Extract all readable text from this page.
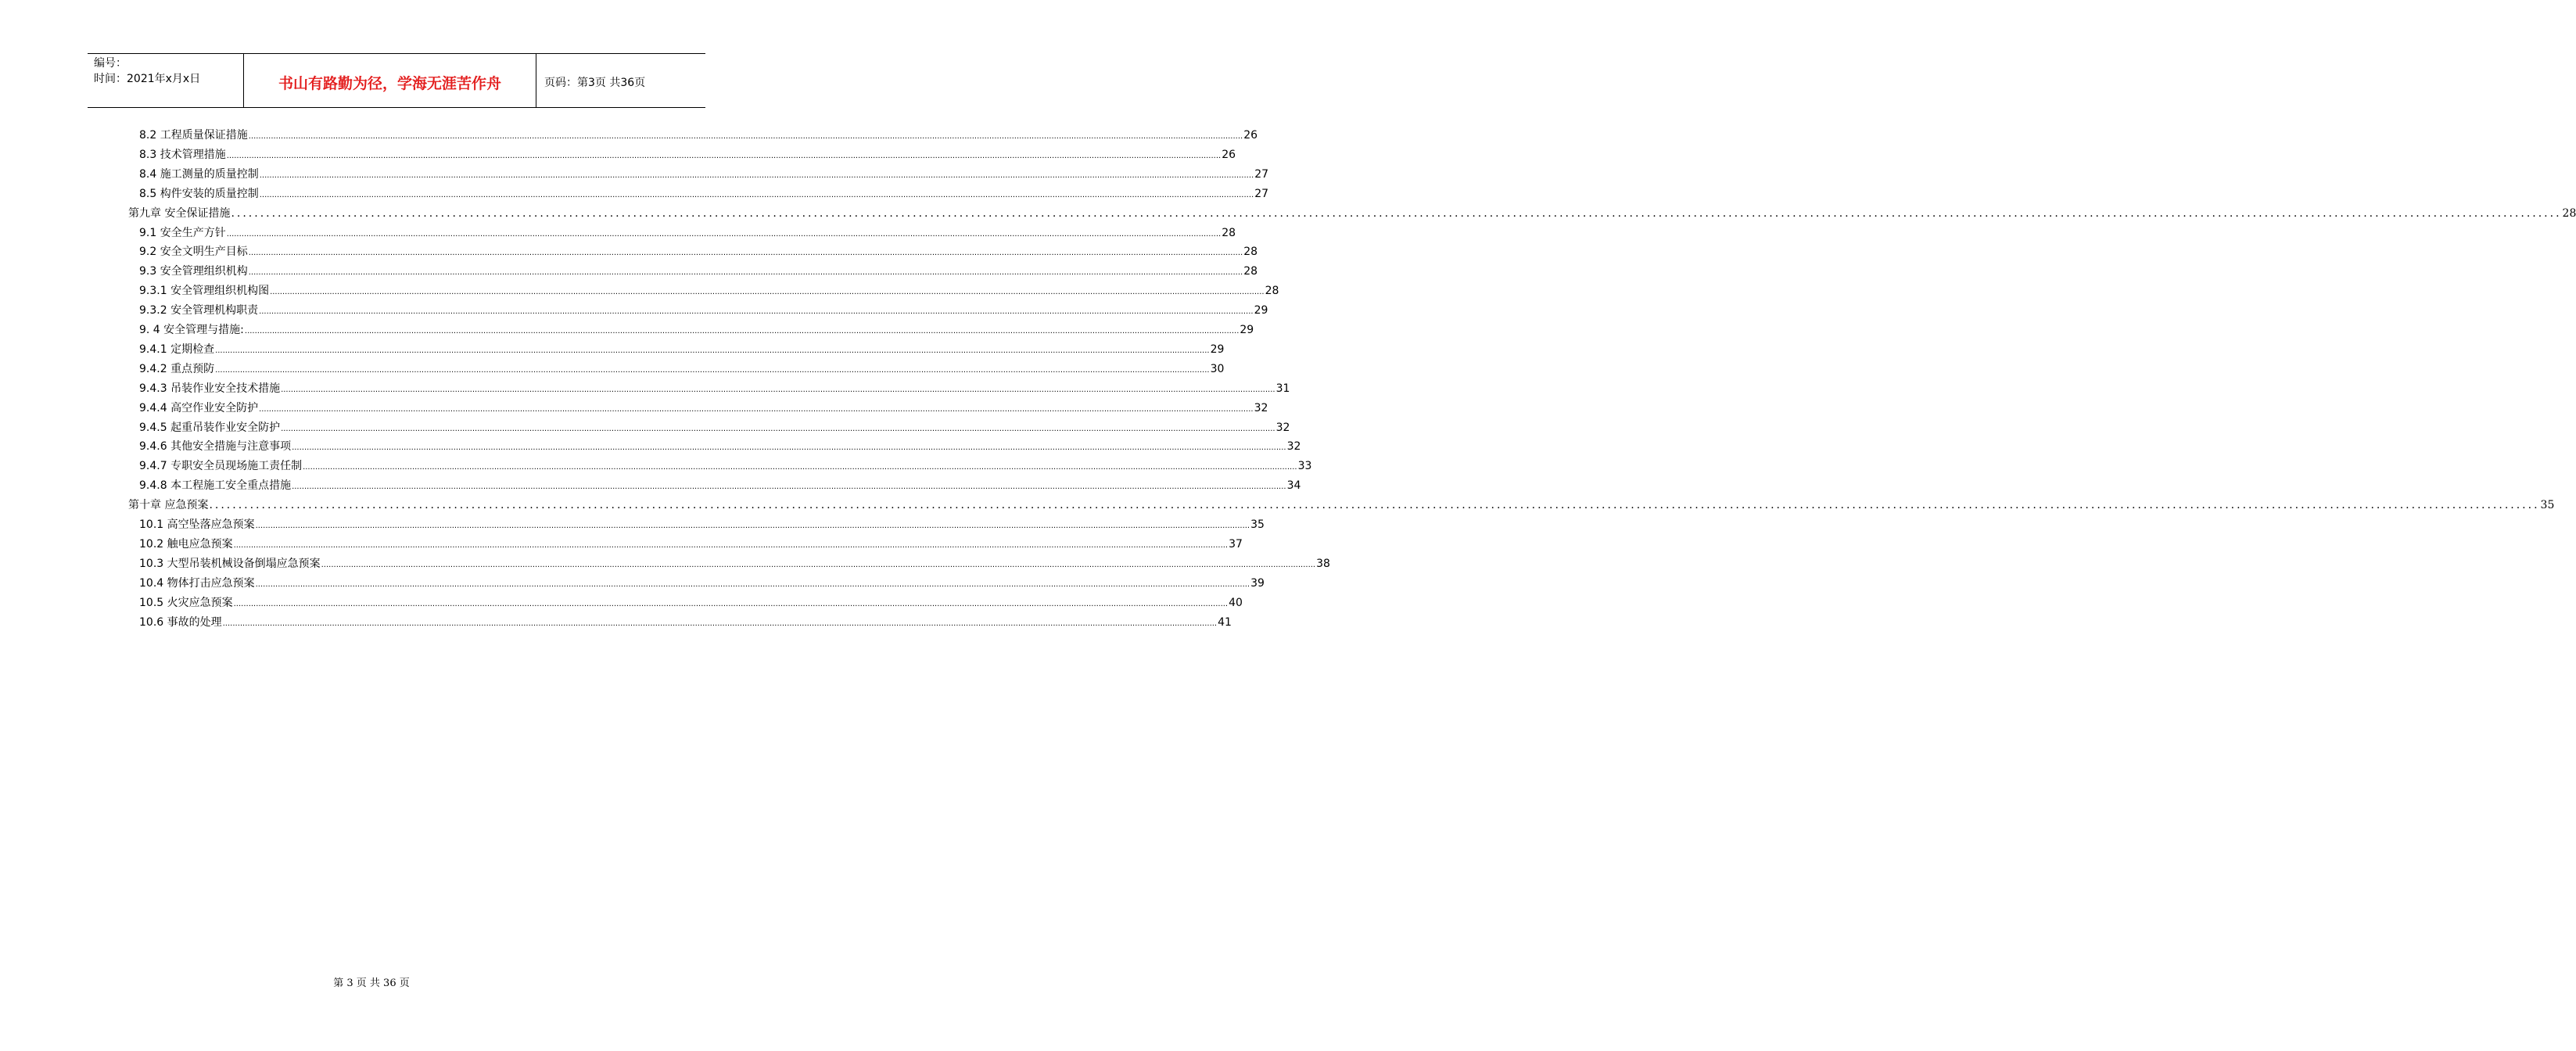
编号：
时间：2021年x月x日	书山有路勤为径，学海无涯苦作舟	页码：第3页 共36页
8.2 工程质量保证措施 ................................................................................................................................................................................................................................................................................................................................................................................................................ 26
8.3 技术管理措施 ................................................................................................................................................................................................................................................................................................................................................................................................................ 26
8.4 施工测量的质量控制 ................................................................................................................................................................................................................................................................................................................................................................................................................ 27
8.5 构件安装的质量控制 ................................................................................................................................................................................................................................................................................................................................................................................................................ 27
第九章 安全保证措施 ................................................................................................................................................................................................................................................................................................................................................................................................................ 28
9.1 安全生产方针 ................................................................................................................................................................................................................................................................................................................................................................................................................ 28
9.2 安全文明生产目标 ................................................................................................................................................................................................................................................................................................................................................................................................................ 28
9.3 安全管理组织机构 ................................................................................................................................................................................................................................................................................................................................................................................................................ 28
9.3.1 安全管理组织机构图 ................................................................................................................................................................................................................................................................................................................................................................................................................ 28
9.3.2 安全管理机构职责 ................................................................................................................................................................................................................................................................................................................................................................................................................ 29
9. 4 安全管理与措施: ................................................................................................................................................................................................................................................................................................................................................................................................................ 29
9.4.1 定期检查 ................................................................................................................................................................................................................................................................................................................................................................................................................ 29
9.4.2 重点预防 ................................................................................................................................................................................................................................................................................................................................................................................................................ 30
9.4.3 吊装作业安全技术措施 ................................................................................................................................................................................................................................................................................................................................................................................................................ 31
9.4.4 高空作业安全防护 ................................................................................................................................................................................................................................................................................................................................................................................................................ 32
9.4.5 起重吊装作业安全防护 ................................................................................................................................................................................................................................................................................................................................................................................................................ 32
9.4.6 其他安全措施与注意事项 ................................................................................................................................................................................................................................................................................................................................................................................................................ 32
9.4.7 专职安全员现场施工责任制 ................................................................................................................................................................................................................................................................................................................................................................................................................ 33
9.4.8 本工程施工安全重点措施 ................................................................................................................................................................................................................................................................................................................................................................................................................ 34
第十章 应急预案 ................................................................................................................................................................................................................................................................................................................................................................................................................ 35
10.1 高空坠落应急预案 ................................................................................................................................................................................................................................................................................................................................................................................................................ 35
10.2 触电应急预案 ................................................................................................................................................................................................................................................................................................................................................................................................................ 37
10.3 大型吊装机械设备倒塌应急预案 ................................................................................................................................................................................................................................................................................................................................................................................................................ 38
10.4 物体打击应急预案 ................................................................................................................................................................................................................................................................................................................................................................................................................ 39
10.5 火灾应急预案 ................................................................................................................................................................................................................................................................................................................................................................................................................ 40
10.6 事故的处理 ................................................................................................................................................................................................................................................................................................................................................................................................................ 41
第 3 页 共 36 页
